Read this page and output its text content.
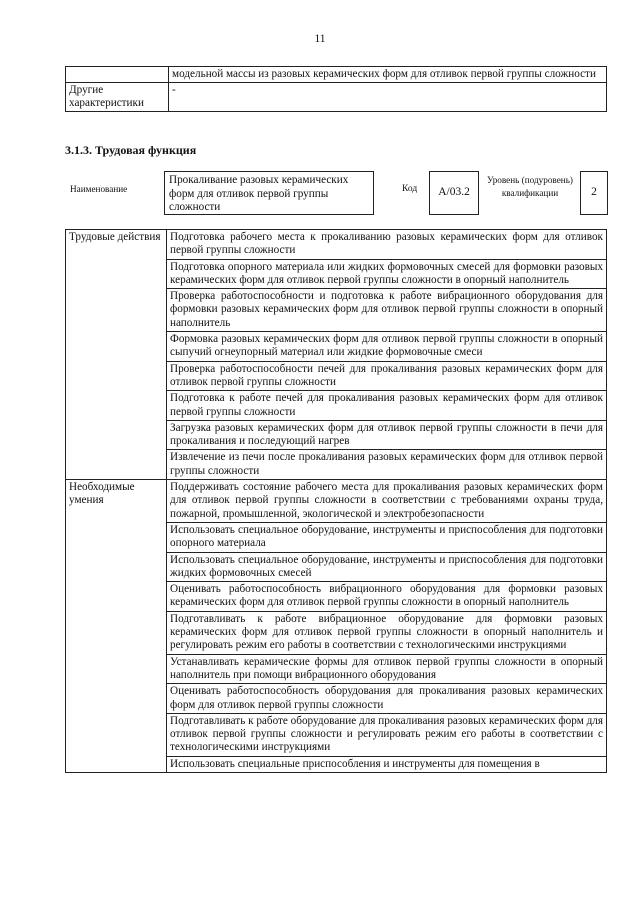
11
	модельной массы из разовых керамических форм для отливок первой группы сложности
Другие характеристики	-
3.1.3. Трудовая функция
Наименование
Прокаливание разовых керамических форм для отливок первой группы сложности
Код	A/03.2
Уровень (подуровень) квалификации	2
Трудовые действия	Подготовка рабочего места к прокаливанию разовых керамических форм для отливок первой группы сложности
	Подготовка опорного материала или жидких формовочных смесей для формовки разовых керамических форм для отливок первой группы сложности в опорный наполнитель
	Проверка работоспособности и подготовка к работе вибрационного оборудования для формовки разовых керамических форм для отливок первой группы сложности в опорный наполнитель
	Формовка разовых керамических форм для отливок первой группы сложности в опорный сыпучий огнеупорный материал или жидкие формовочные смеси
	Проверка работоспособности печей для прокаливания разовых керамических форм для отливок первой группы сложности
	Подготовка к работе печей для прокаливания разовых керамических форм для отливок первой группы сложности
	Загрузка разовых керамических форм для отливок первой группы сложности в печи для прокаливания и последующий нагрев
	Извлечение из печи после прокаливания разовых керамических форм для отливок первой группы сложности
Необходимые умения	Поддерживать состояние рабочего места для прокаливания разовых керамических форм для отливок первой группы сложности в соответствии с требованиями охраны труда, пожарной, промышленной, экологической и электробезопасности
	Использовать специальное оборудование, инструменты и приспособления для подготовки опорного материала
	Использовать специальное оборудование, инструменты и приспособления для подготовки жидких формовочных смесей
	Оценивать работоспособность вибрационного оборудования для формовки разовых керамических форм для отливок первой группы сложности в опорный наполнитель
	Подготавливать к работе вибрационное оборудование для формовки разовых керамических форм для отливок первой группы сложности в опорный наполнитель и регулировать режим его работы в соответствии с технологическими инструкциями
	Устанавливать керамические формы для отливок первой группы сложности в опорный наполнитель при помощи вибрационного оборудования
	Оценивать работоспособность оборудования для прокаливания разовых керамических форм для отливок первой группы сложности
	Подготавливать к работе оборудование для прокаливания разовых керамических форм для отливок первой группы сложности и регулировать режим его работы в соответствии с технологическими инструкциями
	Использовать специальные приспособления и инструменты для помещения в
